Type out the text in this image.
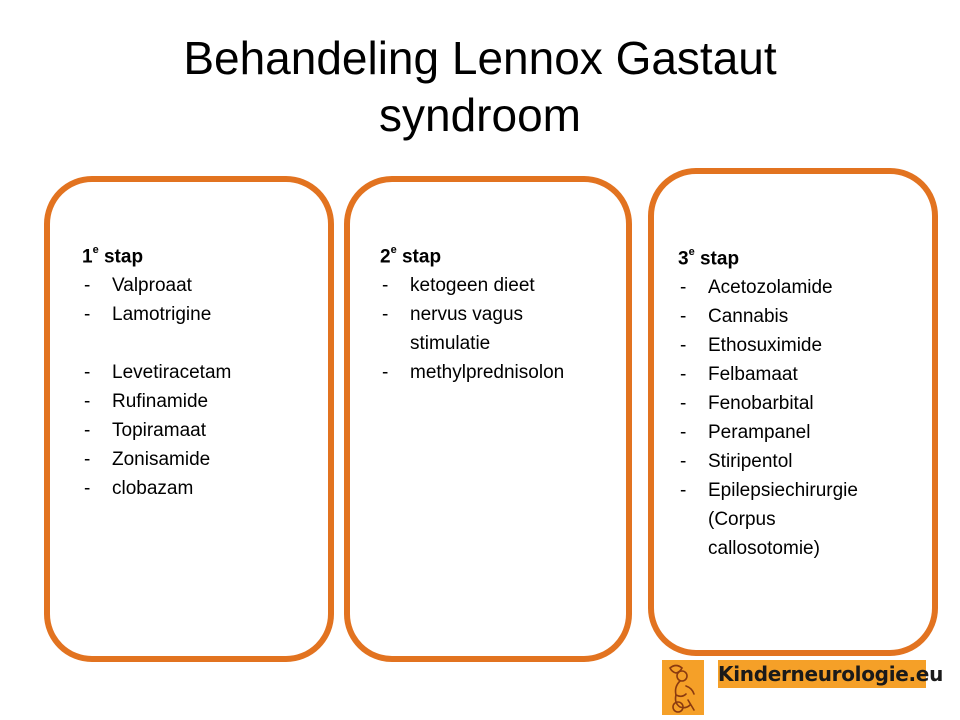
Behandeling Lennox Gastaut
syndroom
1e stap
- Valproaat
- Lamotrigine
- Levetiracetam
- Rufinamide
- Topiramaat
- Zonisamide
- clobazam
2e stap
- ketogeen dieet
- nervus vagus stimulatie
- methylprednisolon
3e stap
- Acetozolamide
- Cannabis
- Ethosuximide
- Felbamaat
- Fenobarbital
- Perampanel
- Stiripentol
- Epilepsiechirurgie (Corpus callosotomie)
Kinderneurologie.eu
